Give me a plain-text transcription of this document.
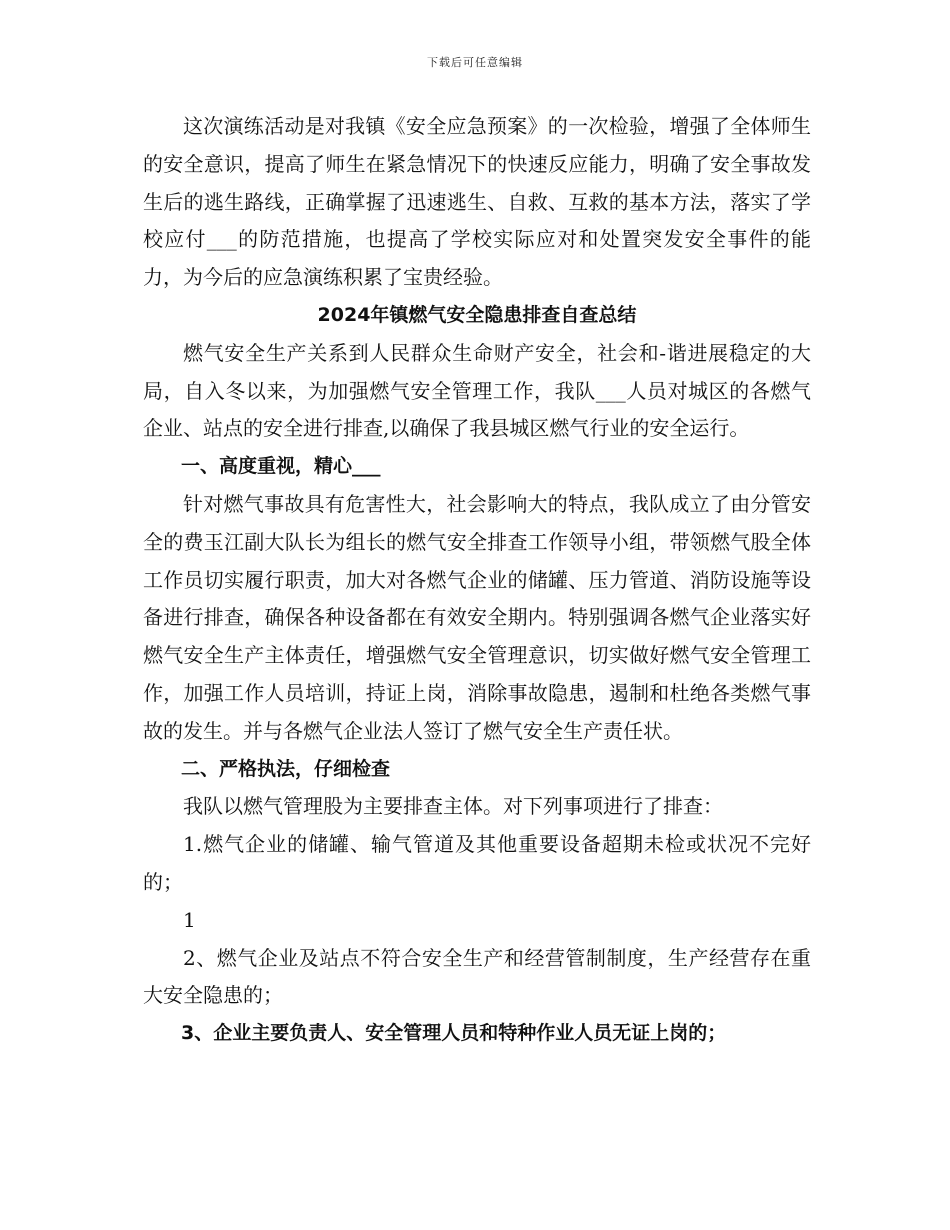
下载后可任意编辑

这次演练活动是对我镇《安全应急预案》的一次检验，增强了全体师生的安全意识，提高了师生在紧急情况下的快速反应能力，明确了安全事故发生后的逃生路线，正确掌握了迅速逃生、自救、互救的基本方法，落实了学校应付___的防范措施，也提高了学校实际应对和处置突发安全事件的能力，为今后的应急演练积累了宝贵经验。

2024年镇燃气安全隐患排查自查总结

燃气安全生产关系到人民群众生命财产安全，社会和-谐进展稳定的大局，自入冬以来，为加强燃气安全管理工作，我队___人员对城区的各燃气企业、站点的安全进行排查,以确保了我县城区燃气行业的安全运行。

一、高度重视，精心___

针对燃气事故具有危害性大，社会影响大的特点，我队成立了由分管安全的费玉江副大队长为组长的燃气安全排查工作领导小组，带领燃气股全体工作员切实履行职责，加大对各燃气企业的储罐、压力管道、消防设施等设备进行排查，确保各种设备都在有效安全期内。特别强调各燃气企业落实好燃气安全生产主体责任，增强燃气安全管理意识，切实做好燃气安全管理工作，加强工作人员培训，持证上岗，消除事故隐患，遏制和杜绝各类燃气事故的发生。并与各燃气企业法人签订了燃气安全生产责任状。

二、严格执法，仔细检查

我队以燃气管理股为主要排查主体。对下列事项进行了排查：

1.燃气企业的储罐、输气管道及其他重要设备超期未检或状况不完好的；

1

2、燃气企业及站点不符合安全生产和经营管制制度，生产经营存在重大安全隐患的；

3、企业主要负责人、安全管理人员和特种作业人员无证上岗的；
